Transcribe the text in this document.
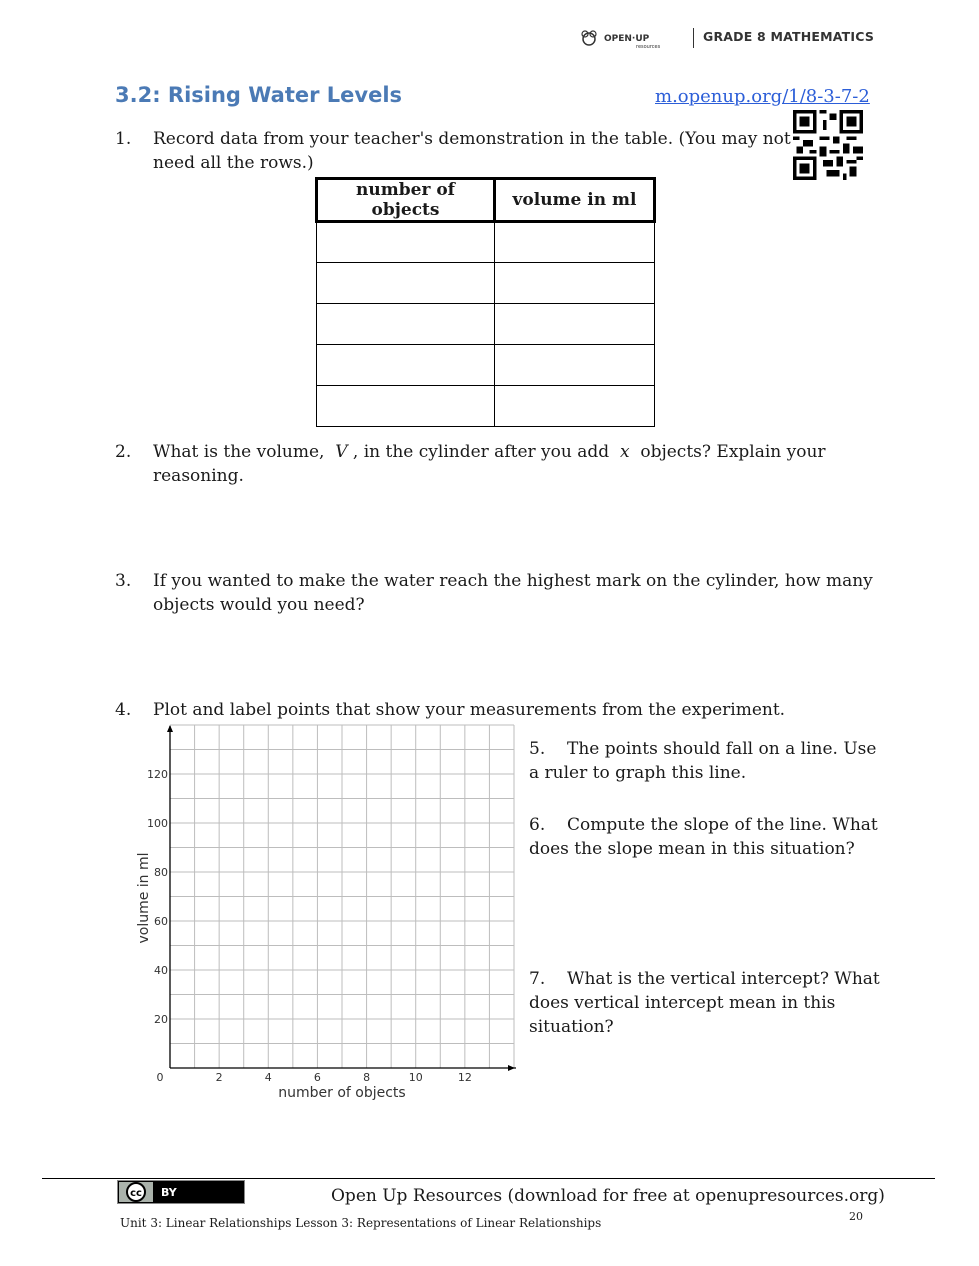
OPEN·UP
resources
GRADE 8 MATHEMATICS
3.2: Rising Water Levels	m.openup.org/1/8-3-7-2
1. Record data from your teacher's demonstration in the table. (You may not
need all the rows.)
number of objects	volume in ml

2. What is the volume, V , in the cylinder after you add x objects? Explain your
reasoning.
3. If you wanted to make the water reach the highest mark on the cylinder, how many
objects would you need?
4. Plot and label points that show your measurements from the experiment.
2	4	6	8	10	12
20
40
60
80
100
120
number of objects
volume in ml
0
5. The points should fall on a line. Use
a ruler to graph this line.
6. Compute the slope of the line. What
does the slope mean in this situation?
7. What is the vertical intercept? What
does vertical intercept mean in this
situation?
cc BY	Open Up Resources (download for free at openupresources.org)
20
Unit 3: Linear Relationships Lesson 3: Representations of Linear Relationships
